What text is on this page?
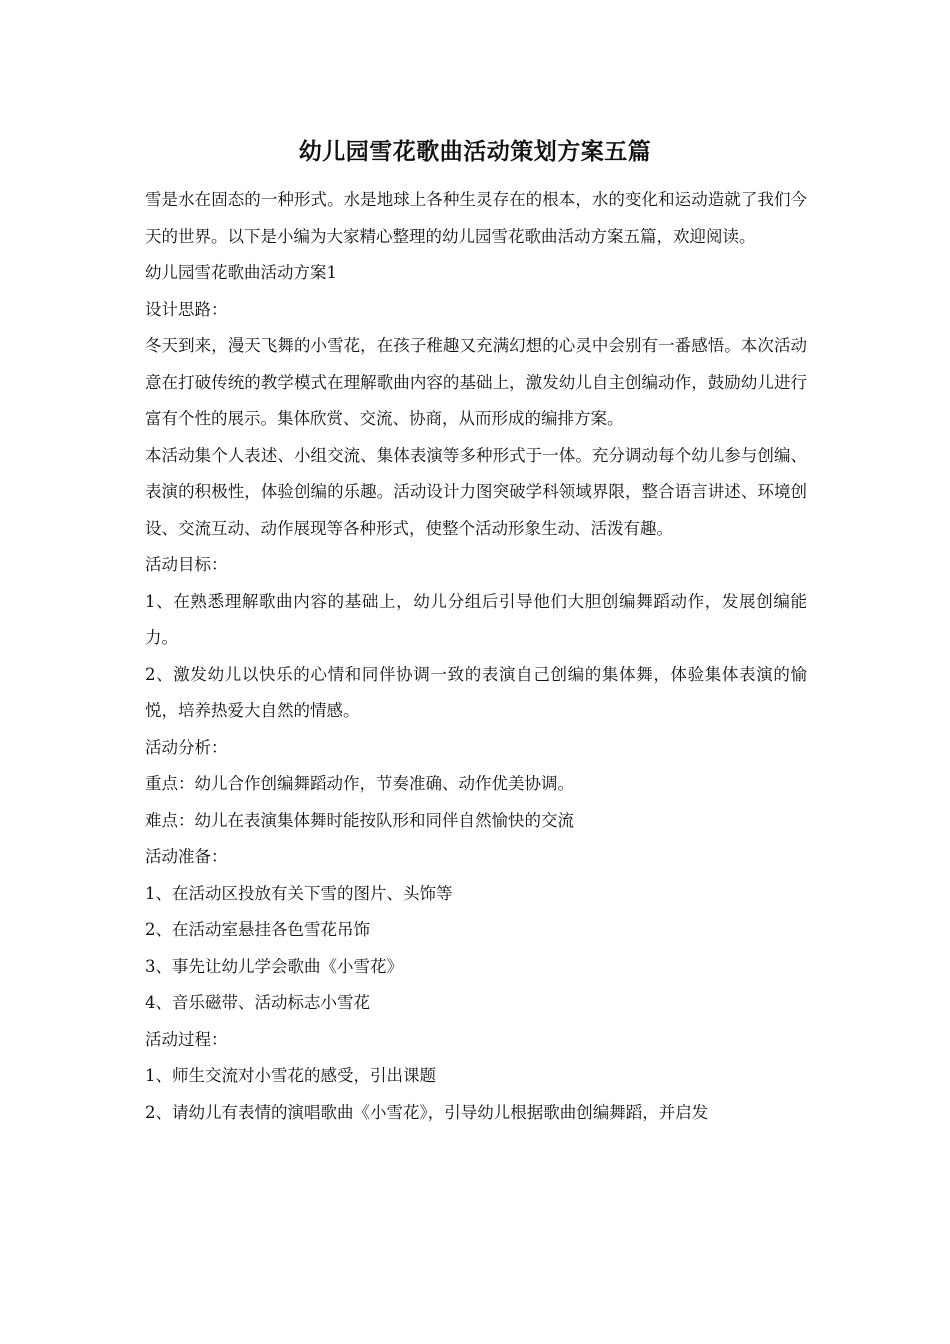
幼儿园雪花歌曲活动策划方案五篇

雪是水在固态的一种形式。水是地球上各种生灵存在的根本，水的变化和运动造就了我们今天的世界。以下是小编为大家精心整理的幼儿园雪花歌曲活动方案五篇，欢迎阅读。

幼儿园雪花歌曲活动方案1

设计思路：

冬天到来，漫天飞舞的小雪花，在孩子稚趣又充满幻想的心灵中会别有一番感悟。本次活动意在打破传统的教学模式在理解歌曲内容的基础上，激发幼儿自主创编动作，鼓励幼儿进行富有个性的展示。集体欣赏、交流、协商，从而形成的编排方案。

本活动集个人表述、小组交流、集体表演等多种形式于一体。充分调动每个幼儿参与创编、表演的积极性，体验创编的乐趣。活动设计力图突破学科领域界限，整合语言讲述、环境创设、交流互动、动作展现等各种形式，使整个活动形象生动、活泼有趣。

活动目标：

1、在熟悉理解歌曲内容的基础上，幼儿分组后引导他们大胆创编舞蹈动作，发展创编能力。

2、激发幼儿以快乐的心情和同伴协调一致的表演自己创编的集体舞，体验集体表演的愉悦，培养热爱大自然的情感。

活动分析：

重点：幼儿合作创编舞蹈动作，节奏准确、动作优美协调。

难点：幼儿在表演集体舞时能按队形和同伴自然愉快的交流

活动准备：

1、在活动区投放有关下雪的图片、头饰等

2、在活动室悬挂各色雪花吊饰

3、事先让幼儿学会歌曲《小雪花》

4、音乐磁带、活动标志小雪花

活动过程：

1、师生交流对小雪花的感受，引出课题

2、请幼儿有表情的演唱歌曲《小雪花》，引导幼儿根据歌曲创编舞蹈，并启发
